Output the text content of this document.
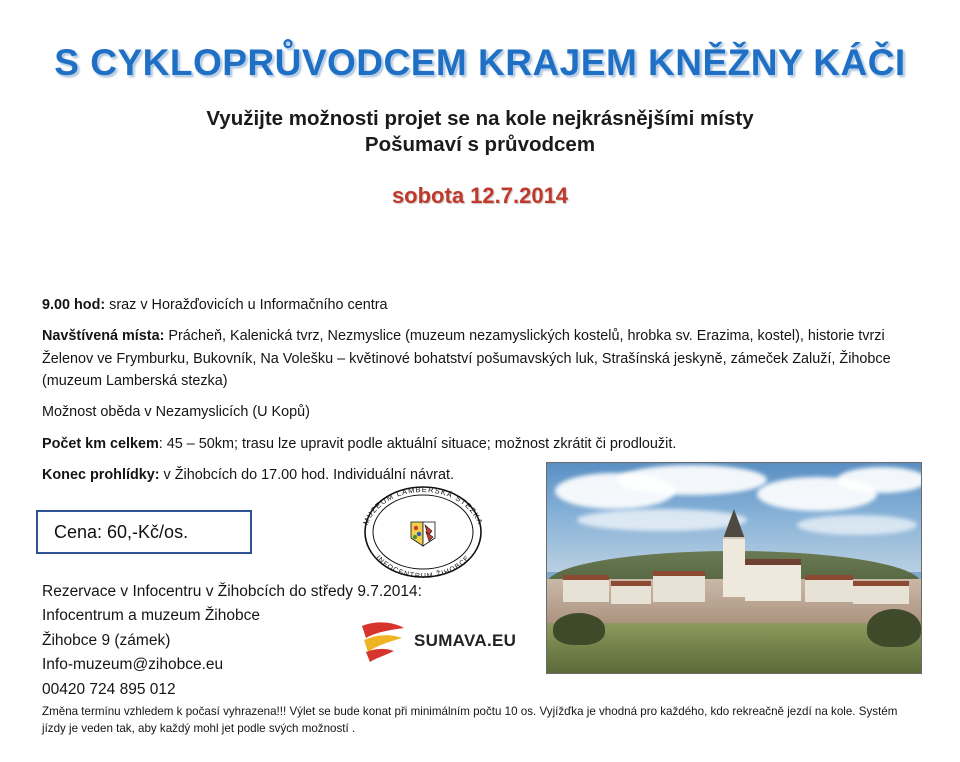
S CYKLOPRŮVODCEM KRAJEM KNĚŽNY KÁČI
Využijte možnosti projet se na kole nejkrásnějšími místy
Pošumaví s průvodcem
sobota 12.7.2014

9.00 hod: sraz v Horažďovicích u Informačního centra

Navštívená místa: Prácheň, Kalenická tvrz, Nezmyslice (muzeum nezamyslických kostelů, hrobka sv. Erazima, kostel), historie tvrzi Želenov ve Frymburku, Bukovník, Na Volešku – květinové bohatství pošumavských luk, Strašínská jeskyně, zámeček Zaluží, Žihobce (muzeum Lamberská stezka)

Možnost oběda v Nezamyslicích (U Kopů)

Počet km celkem: 45 – 50km; trasu lze upravit podle aktuální situace; možnost zkrátit či prodloužit.

Konec prohlídky: v Žihobcích do 17.00 hod. Individuální návrat.

Cena: 60,-Kč/os.
MUZEUM LAMBERSKÁ STEZKA
INFOCENTRUM ŽIHOBCE
Rezervace v Infocentru v Žihobcích do středy 9.7.2014:
Infocentrum a muzeum Žihobce
Žihobce 9 (zámek)
Info-muzeum@zihobce.eu
00420 724 895 012
SUMAVA.EU
Změna termínu vzhledem k počasí vyhrazena!!! Výlet se bude konat při minimálním počtu 10 os. Vyjížďka je vhodná pro každého, kdo rekreačně jezdí na kole. Systém jízdy je veden tak, aby každý mohl jet podle svých možností .
